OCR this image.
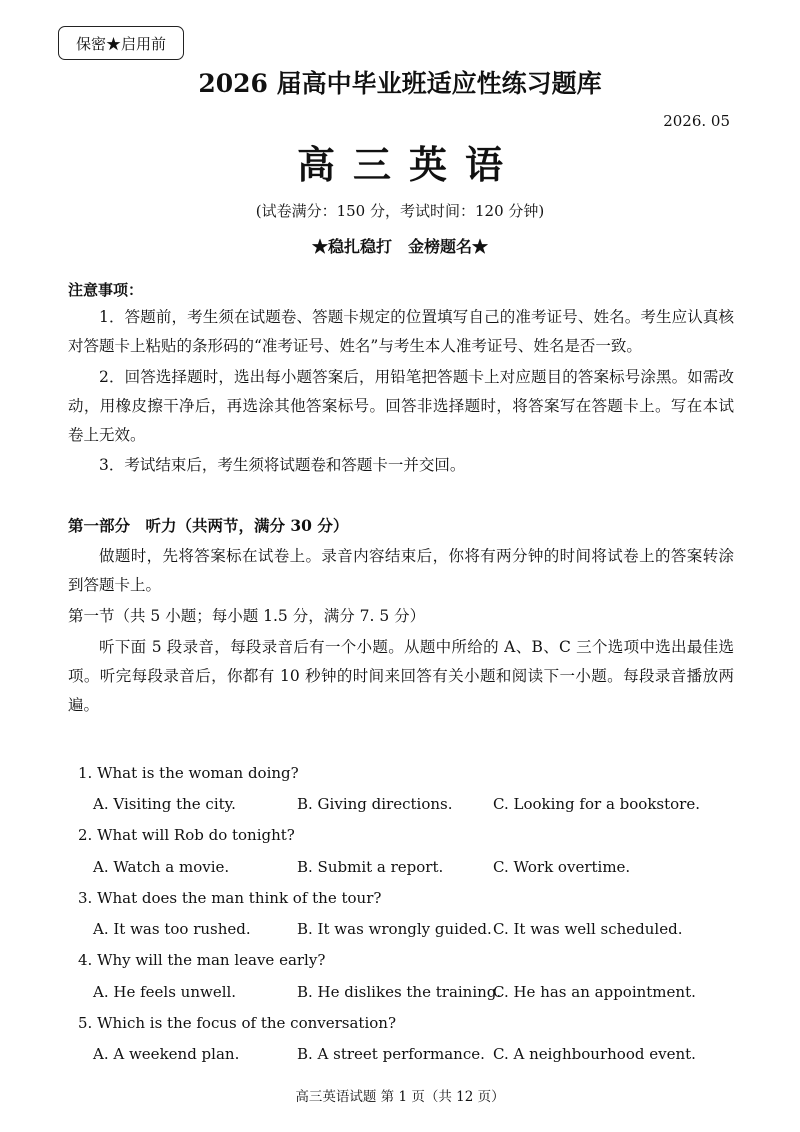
保密★启用前
2026 届高中毕业班适应性练习题库
2026. 05
高三英语
(试卷满分：150 分，考试时间：120 分钟)
★稳扎稳打　金榜题名★
注意事项：
1．答题前，考生须在试题卷、答题卡规定的位置填写自己的准考证号、姓名。考生应认真核对答题卡上粘贴的条形码的“准考证号、姓名”与考生本人准考证号、姓名是否一致。
2．回答选择题时，选出每小题答案后，用铅笔把答题卡上对应题目的答案标号涂黑。如需改动，用橡皮擦干净后，再选涂其他答案标号。回答非选择题时，将答案写在答题卡上。写在本试卷上无效。
3．考试结束后，考生须将试题卷和答题卡一并交回。
第一部分　听力（共两节，满分 30 分）
做题时，先将答案标在试卷上。录音内容结束后，你将有两分钟的时间将试卷上的答案转涂到答题卡上。
第一节（共 5 小题；每小题 1.5 分，满分 7. 5 分）
听下面 5 段录音，每段录音后有一个小题。从题中所给的 A、B、C 三个选项中选出最佳选项。听完每段录音后，你都有 10 秒钟的时间来回答有关小题和阅读下一小题。每段录音播放两遍。
1. What is the woman doing?
A. Visiting the city.	B. Giving directions.	C. Looking for a bookstore.
2. What will Rob do tonight?
A. Watch a movie.	B. Submit a report.	C. Work overtime.
3. What does the man think of the tour?
A. It was too rushed.	B. It was wrongly guided. C. It was well scheduled.
4. Why will the man leave early?
A. He feels unwell.	B. He dislikes the training.
C. He has an appointment.
5. Which is the focus of the conversation?
A. A weekend plan.	B. A street performance. C. A neighbourhood event.
高三英语试题 第 1 页（共 12 页）
